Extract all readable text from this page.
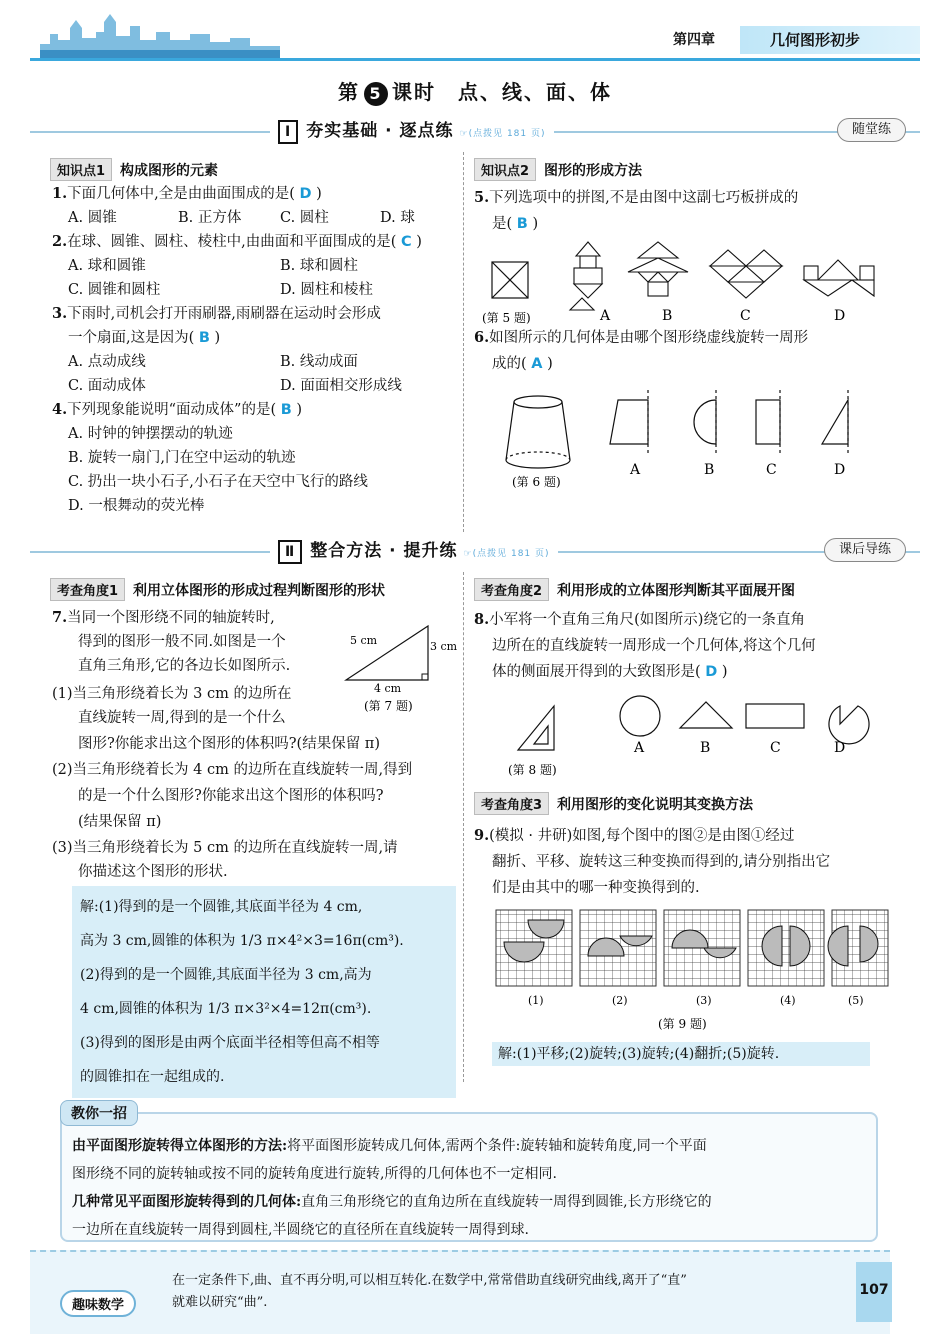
第四章	几何图形初步
第 5 课时　点、线、面、体
Ⅰ 夯实基础 · 逐点练 ☞(点拨见 181 页)	随堂练
知识点1 构成图形的元素
1.下面几何体中,全是由曲面围成的是( D )
A. 圆锥	B. 正方体	C. 圆柱	D. 球
2.在球、圆锥、圆柱、棱柱中,由曲面和平面围成的是( C )
A. 球和圆锥	B. 球和圆柱
C. 圆锥和圆柱	D. 圆柱和棱柱
3.下雨时,司机会打开雨刷器,雨刷器在运动时会形成
一个扇面,这是因为( B )
A. 点动成线	B. 线动成面
C. 面动成体	D. 面面相交形成线
4.下列现象能说明“面动成体”的是( B )
A. 时钟的钟摆摆动的轨迹
B. 旋转一扇门,门在空中运动的轨迹
C. 扔出一块小石子,小石子在天空中飞行的路线
D. 一根舞动的荧光棒
知识点2 图形的形成方法
5.下列选项中的拼图,不是由图中这副七巧板拼成的
是( B )
(第 5 题)	A	B	C	D
6.如图所示的几何体是由哪个图形绕虚线旋转一周形
成的( A )
(第 6 题)
A	B	C	D
Ⅱ 整合方法 · 提升练 ☞(点拨见 181 页)	课后导练
考查角度1 利用立体图形的形成过程判断图形的形状
7.当同一个图形绕不同的轴旋转时,
得到的图形一般不同.如图是一个
直角三角形,它的各边长如图所示.
5 cm	3 cm
4 cm
(第 7 题)
(1)当三角形绕着长为 3 cm 的边所在
直线旋转一周,得到的是一个什么
图形?你能求出这个图形的体积吗?(结果保留 π)
(2)当三角形绕着长为 4 cm 的边所在直线旋转一周,得到
的是一个什么图形?你能求出这个图形的体积吗?
(结果保留 π)
(3)当三角形绕着长为 5 cm 的边所在直线旋转一周,请
你描述这个图形的形状.
解:(1)得到的是一个圆锥,其底面半径为 4 cm,
高为 3 cm,圆锥的体积为 1/3 π×4²×3=16π(cm³).
(2)得到的是一个圆锥,其底面半径为 3 cm,高为
4 cm,圆锥的体积为 1/3 π×3²×4=12π(cm³).
(3)得到的图形是由两个底面半径相等但高不相等
的圆锥扣在一起组成的.
考查角度2 利用形成的立体图形判断其平面展开图
8.小军将一个直角三角尺(如图所示)绕它的一条直角
边所在的直线旋转一周形成一个几何体,将这个几何
体的侧面展开得到的大致图形是( D )
(第 8 题)
A	B	C	D
考查角度3 利用图形的变化说明其变换方法
9.(模拟 · 井研)如图,每个图中的图②是由图①经过
翻折、平移、旋转这三种变换而得到的,请分别指出它
们是由其中的哪一种变换得到的.
(1)	(2)	(3)	(4)	(5)
(第 9 题)
解:(1)平移;(2)旋转;(3)旋转;(4)翻折;(5)旋转.
教你一招
由平面图形旋转得立体图形的方法:将平面图形旋转成几何体,需两个条件:旋转轴和旋转角度,同一个平面
图形绕不同的旋转轴或按不同的旋转角度进行旋转,所得的几何体也不一定相同.
几种常见平面图形旋转得到的几何体:直角三角形绕它的直角边所在直线旋转一周得到圆锥,长方形绕它的
一边所在直线旋转一周得到圆柱,半圆绕它的直径所在直线旋转一周得到球.
趣味数学
在一定条件下,曲、直不再分明,可以相互转化.在数学中,常常借助直线研究曲线,离开了“直”
就难以研究“曲”.
107
